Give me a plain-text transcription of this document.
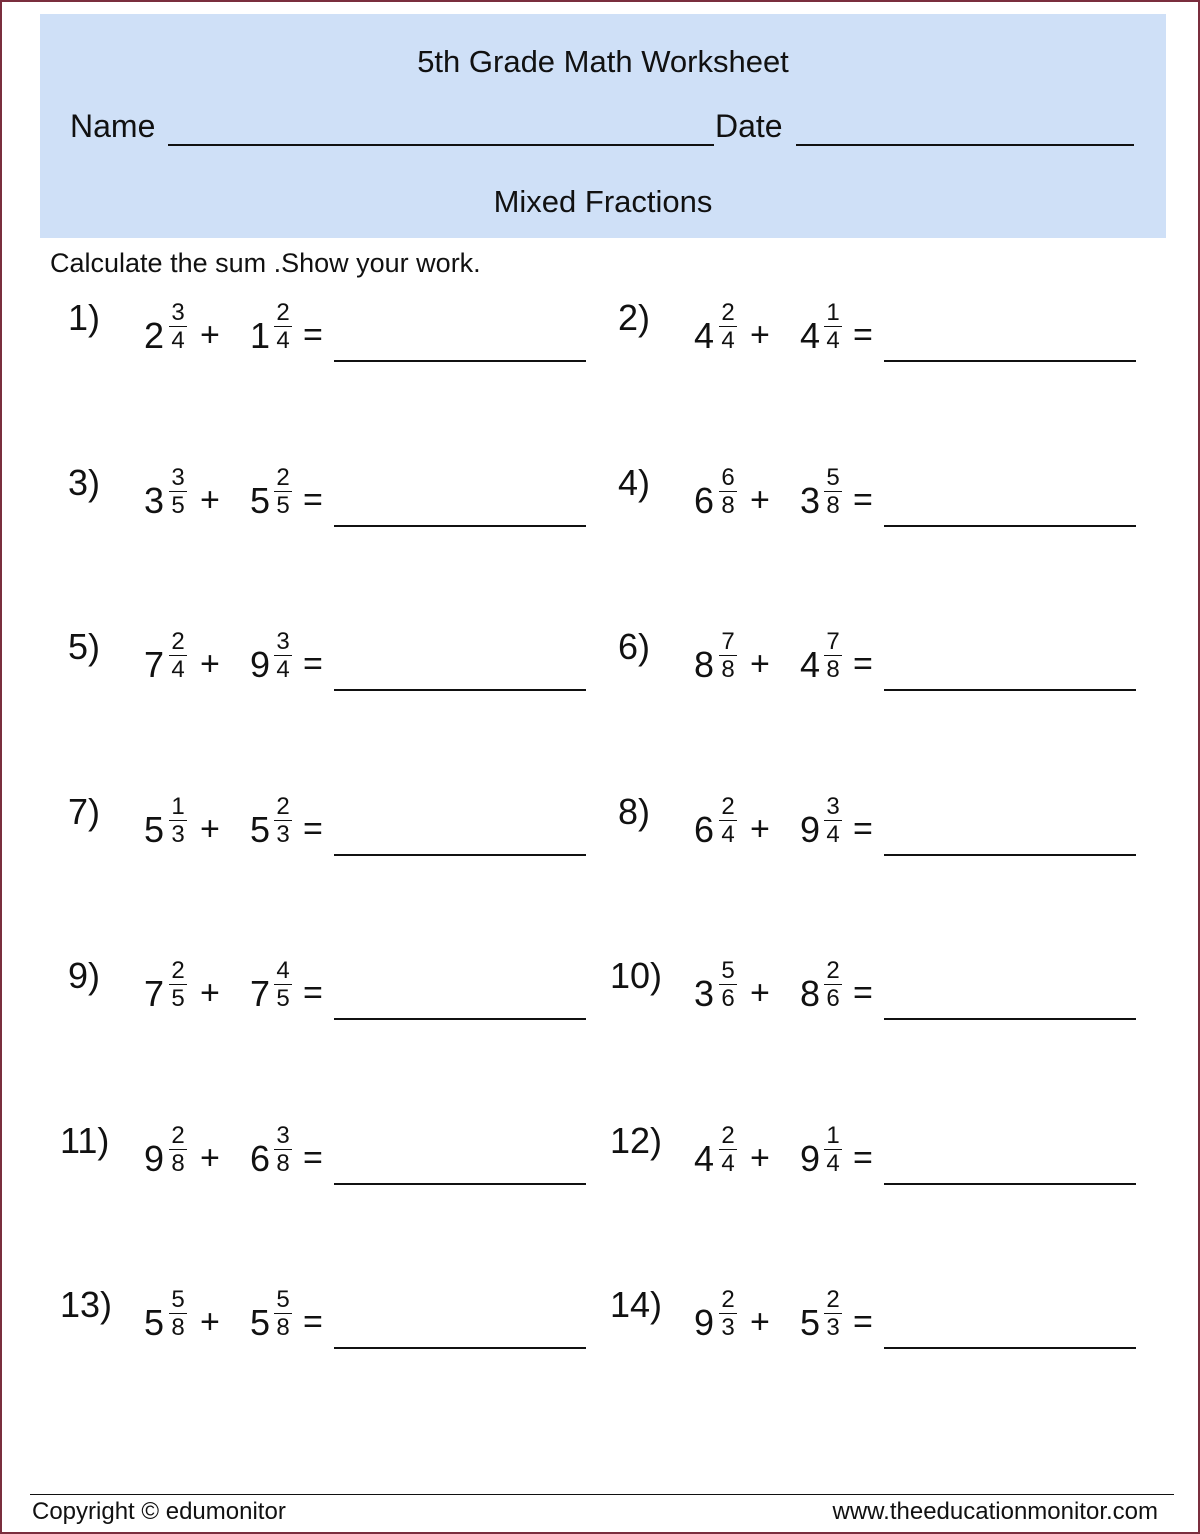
5th Grade Math Worksheet
Name	Date
Mixed Fractions
Calculate the sum .Show your work.
1) 2
3
4 + 1
2
4 =	2) 4
2
4 + 4
1
4 =
3) 3
3
5 + 5
2
5 =	4) 6
6
8 + 3
5
8 =
5) 7
2
4 + 9
3
4 =	6) 8
7
8 + 4
7
8 =
7) 5
1
3 + 5
2
3 =	8) 6
2
4 + 9
3
4 =
9) 7
2
5 + 7
4
5 =	10) 3
5
6 + 8
2
6 =
11) 9
2
8 + 6
3
8 =	12) 4
2
4 + 9
1
4 =
13) 5
5
8 + 5
5
8 =	14) 9
2
3 + 5
2
3 =
Copyright © edumonitor	www.theeducationmonitor.com
